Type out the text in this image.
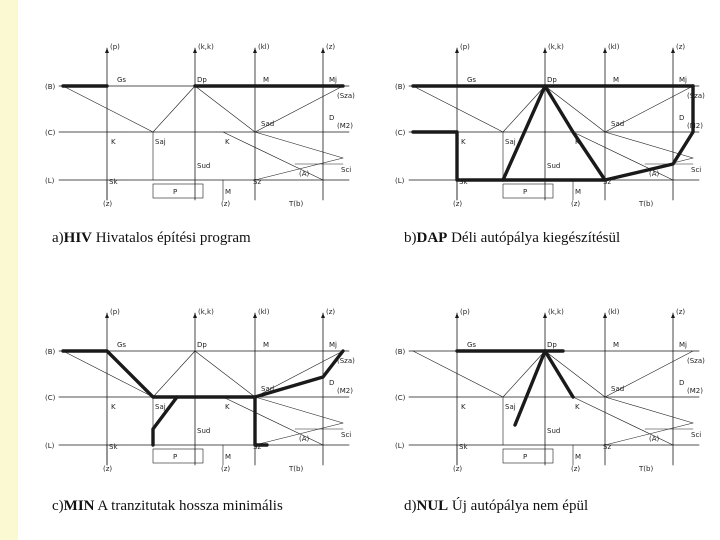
(p)	(k,k)	(kl)	(z)
(B)
(C)
(L)
Gs	Dp	M	Mj
(Sza)
Sad
K	Saj	K
D
(M2)
Sci
Sud
(A)
Sk	Sz
P	M
(z)	(z)	T(b)
a)HIV Hivatalos építési program
(p)	(k,k)	(kl)	(z)
(B)
(C)
(L)
Gs	Dp	M	Mj
(Sza)
Sad
K	Saj	K
D
(M2)
Sci
Sud
(A)
Sk	Sz
P	M
(z)	(z)	T(b)
b)DAP Déli autópálya kiegészítésül
(p)	(k,k)	(kl)	(z)
(B)
(C)
(L)
Gs	Dp	M	Mj
(Sza)
Sad
K	Saj	K
D
(M2)
Sci
Sud
(A)
Sk	Sz
P	M
(z)	(z)	T(b)
c)MIN A tranzitutak hossza minimális
(p)	(k,k)	(kl)	(z)
(B)
(C)
(L)
Gs	Dp	M	Mj
(Sza)
Sad
K	Saj	K
D
(M2)
Sci
Sud
(A)
Sk	Sz
P	M
(z)	(z)	T(b)
d)NUL Új autópálya nem épül
